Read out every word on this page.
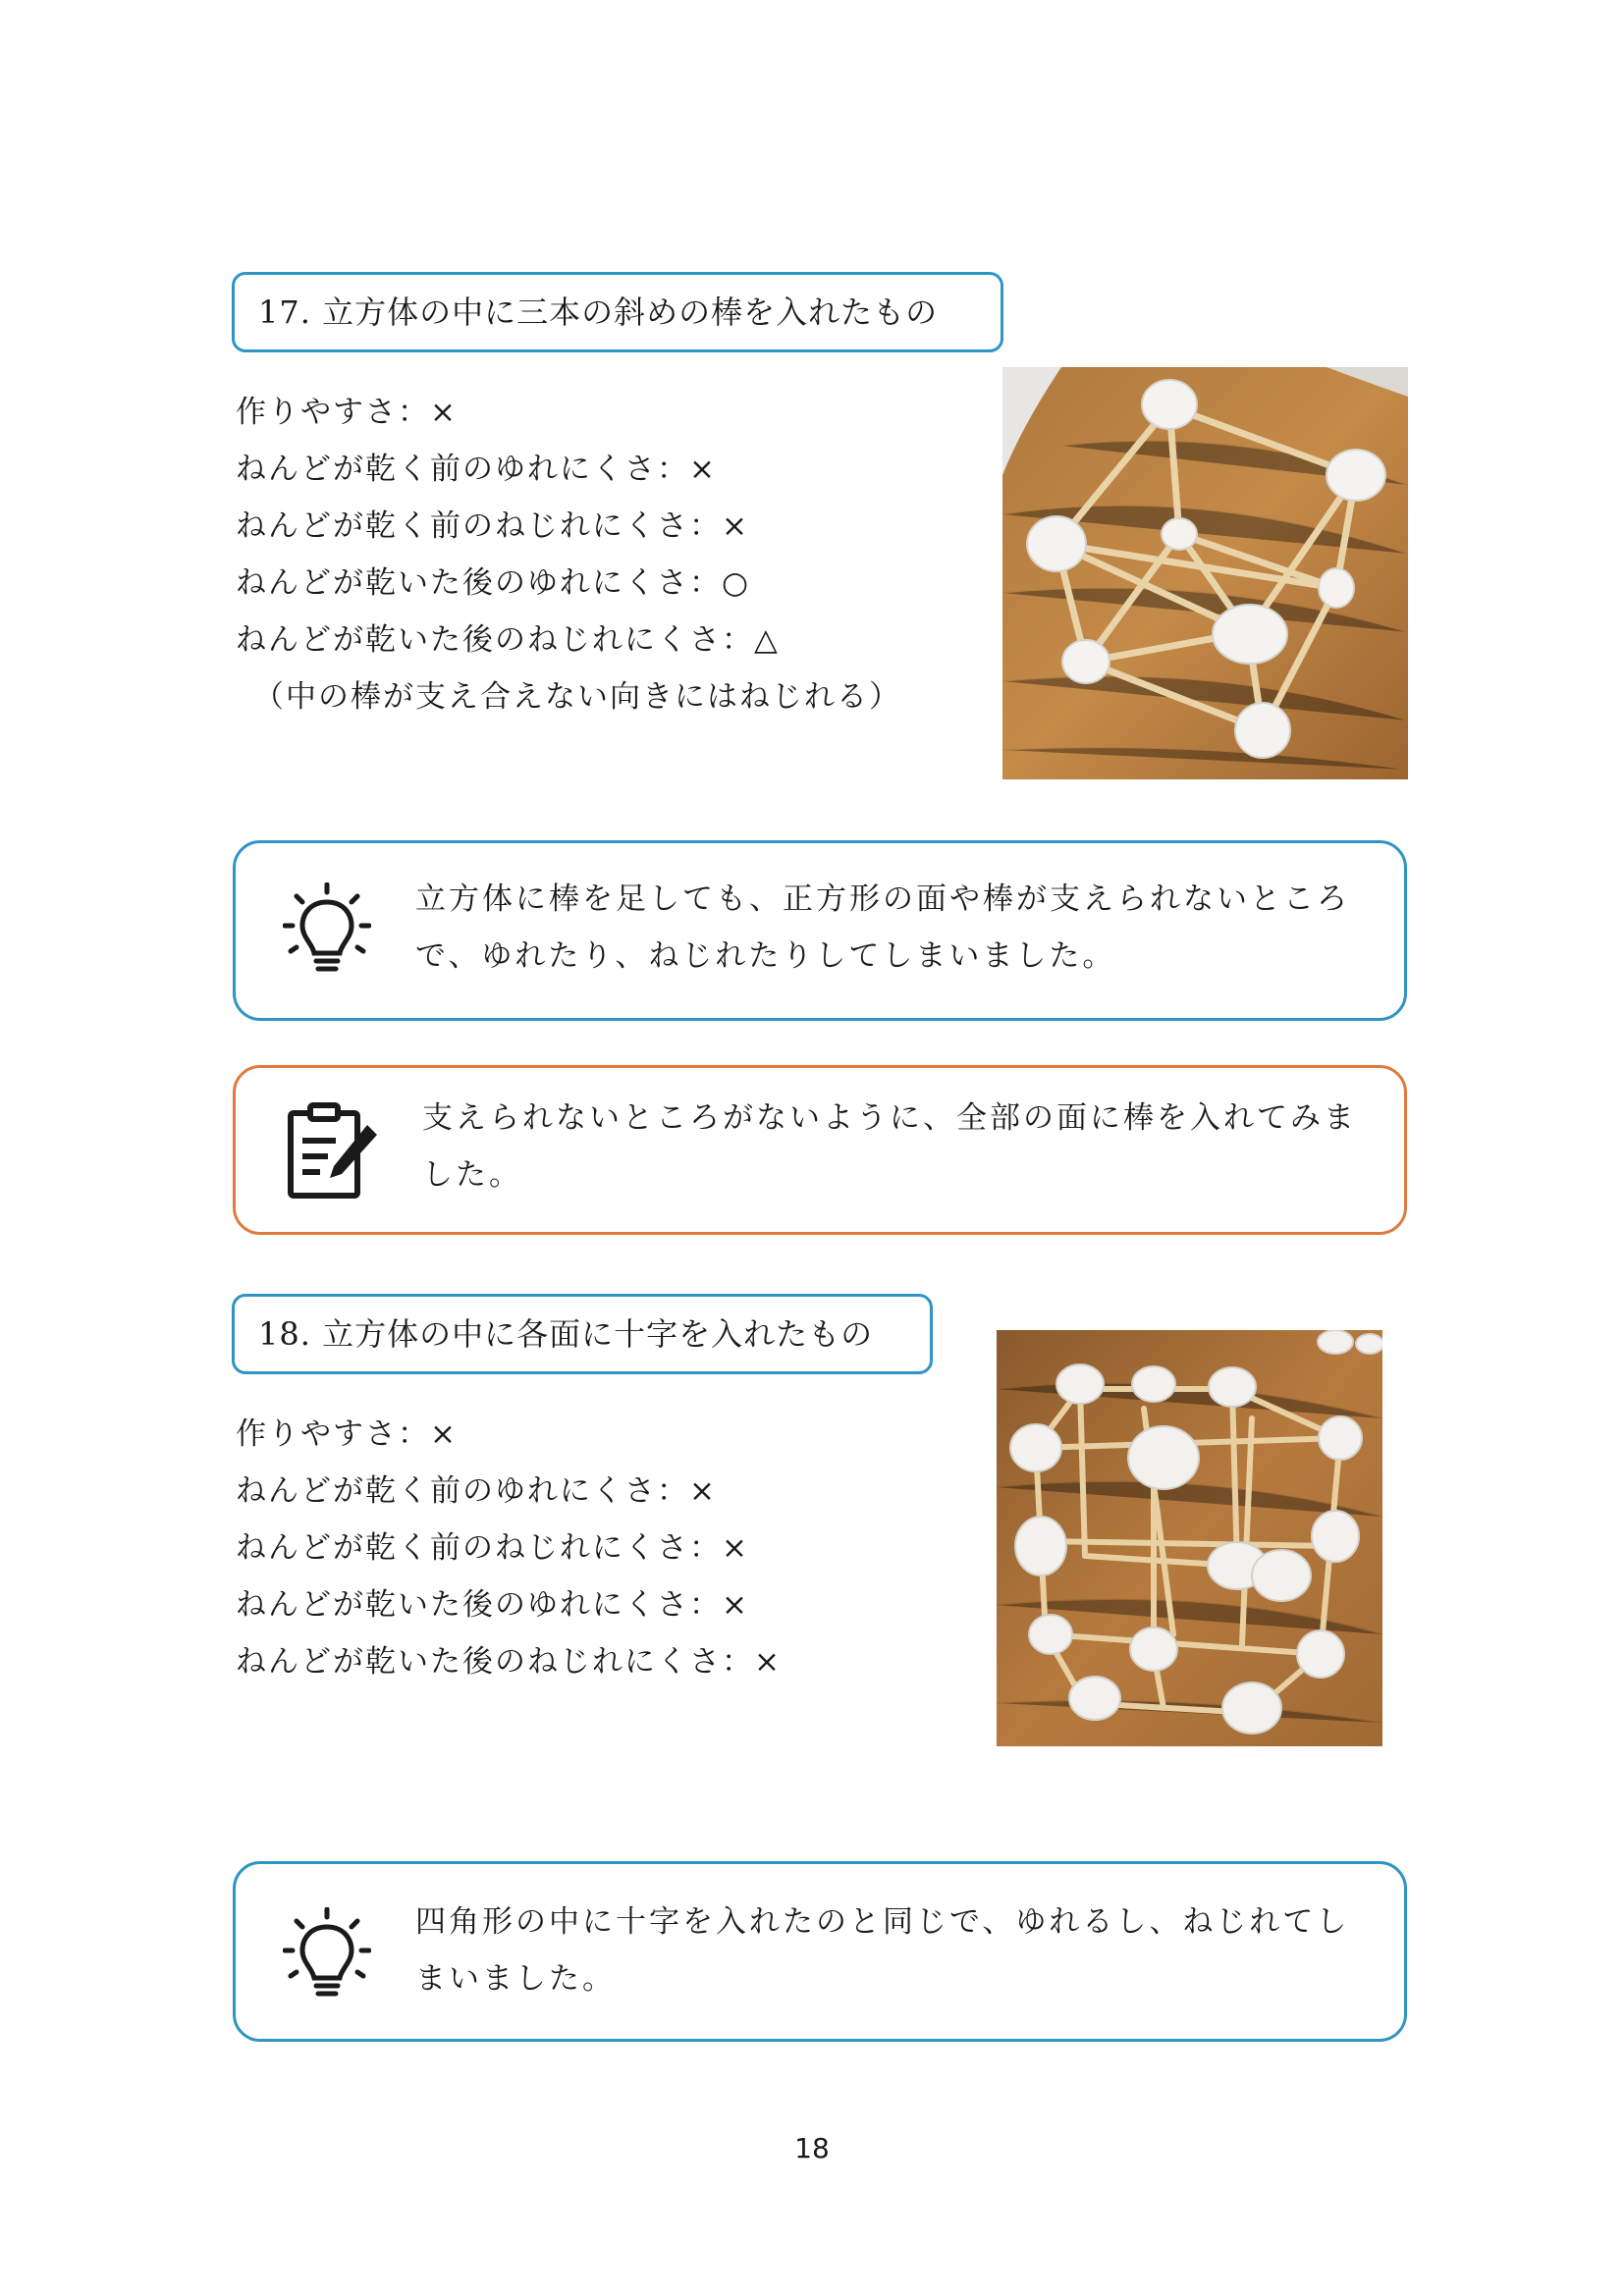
17. 立方体の中に三本の斜めの棒を入れたもの
作りやすさ：×
ねんどが乾く前のゆれにくさ：×
ねんどが乾く前のねじれにくさ：×
ねんどが乾いた後のゆれにくさ：○
ねんどが乾いた後のねじれにくさ：△
（中の棒が支え合えない向きにはねじれる）
立方体に棒を足しても、正方形の面や棒が支えられないところ
で、ゆれたり、ねじれたりしてしまいました。
支えられないところがないように、全部の面に棒を入れてみま
した。
18. 立方体の中に各面に十字を入れたもの
作りやすさ：×
ねんどが乾く前のゆれにくさ：×
ねんどが乾く前のねじれにくさ：×
ねんどが乾いた後のゆれにくさ：×
ねんどが乾いた後のねじれにくさ：×
四角形の中に十字を入れたのと同じで、ゆれるし、ねじれてし
まいました。
18
